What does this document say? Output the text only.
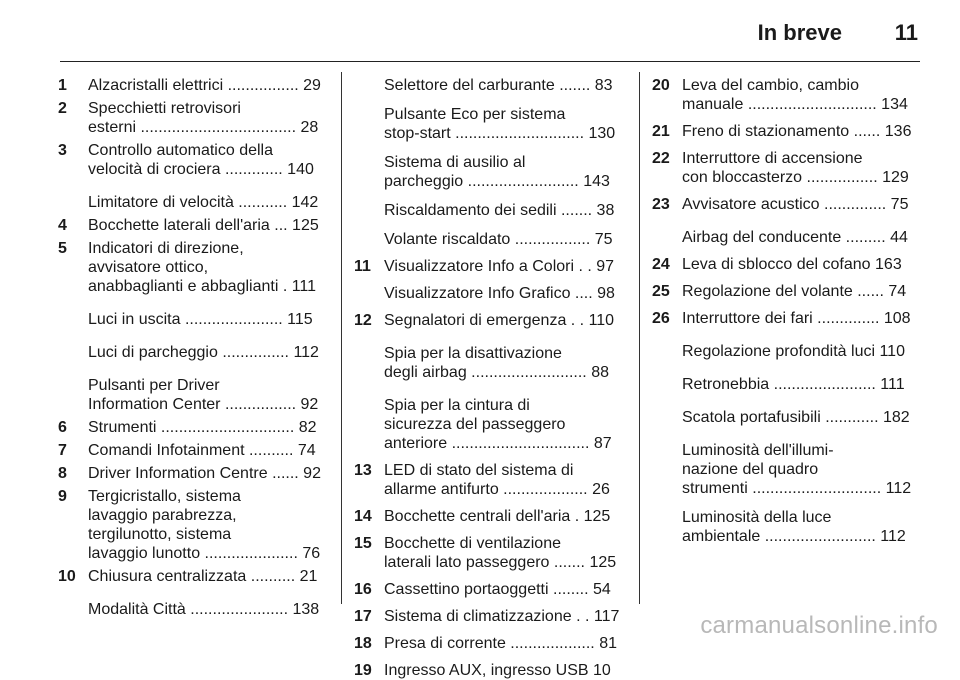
In breve 11
1	Alzacristalli elettrici ................ 29
2	Specchietti retrovisori
esterni ................................... 28
3	Controllo automatico della
velocità di crociera ............. 140
Limitatore di velocità ........... 142
4	Bocchette laterali dell'aria ... 125
5	Indicatori di direzione,
avvisatore ottico,
anabbaglianti e abbaglianti . 111
Luci in uscita ...................... 115
Luci di parcheggio ............... 112
Pulsanti per Driver
Information Center ................ 92
6	Strumenti .............................. 82
7	Comandi Infotainment .......... 74
8	Driver Information Centre ...... 92
9	Tergicristallo, sistema
lavaggio parabrezza,
tergilunotto, sistema
lavaggio lunotto ..................... 76
10 Chiusura centralizzata .......... 21
Modalità Città ...................... 138
Selettore del carburante ....... 83
Pulsante Eco per sistema
stop-start ............................. 130
Sistema di ausilio al
parcheggio ......................... 143
Riscaldamento dei sedili ....... 38
Volante riscaldato ................. 75
11 Visualizzatore Info a Colori . . 97
Visualizzatore Info Grafico .... 98
12 Segnalatori di emergenza . . 110
Spia per la disattivazione
degli airbag .......................... 88
Spia per la cintura di
sicurezza del passeggero
anteriore ............................... 87
13 LED di stato del sistema di
allarme antifurto ................... 26
14 Bocchette centrali dell'aria . 125
15 Bocchette di ventilazione
laterali lato passeggero ....... 125
16 Cassettino portaoggetti ........ 54
17 Sistema di climatizzazione . . 117
18 Presa di corrente ................... 81
19 Ingresso AUX, ingresso USB 10
20 Leva del cambio, cambio
manuale ............................. 134
21 Freno di stazionamento ...... 136
22 Interruttore di accensione
con bloccasterzo ................ 129
23 Avvisatore acustico .............. 75
Airbag del conducente ......... 44
24 Leva di sblocco del cofano 163
25 Regolazione del volante ...... 74
26 Interruttore dei fari .............. 108
Regolazione profondità luci 110
Retronebbia ....................... 111
Scatola portafusibili ............ 182
Luminosità dell'illumi-
nazione del quadro
strumenti ............................. 112
Luminosità della luce
ambientale ......................... 112
carmanualsonline.info
